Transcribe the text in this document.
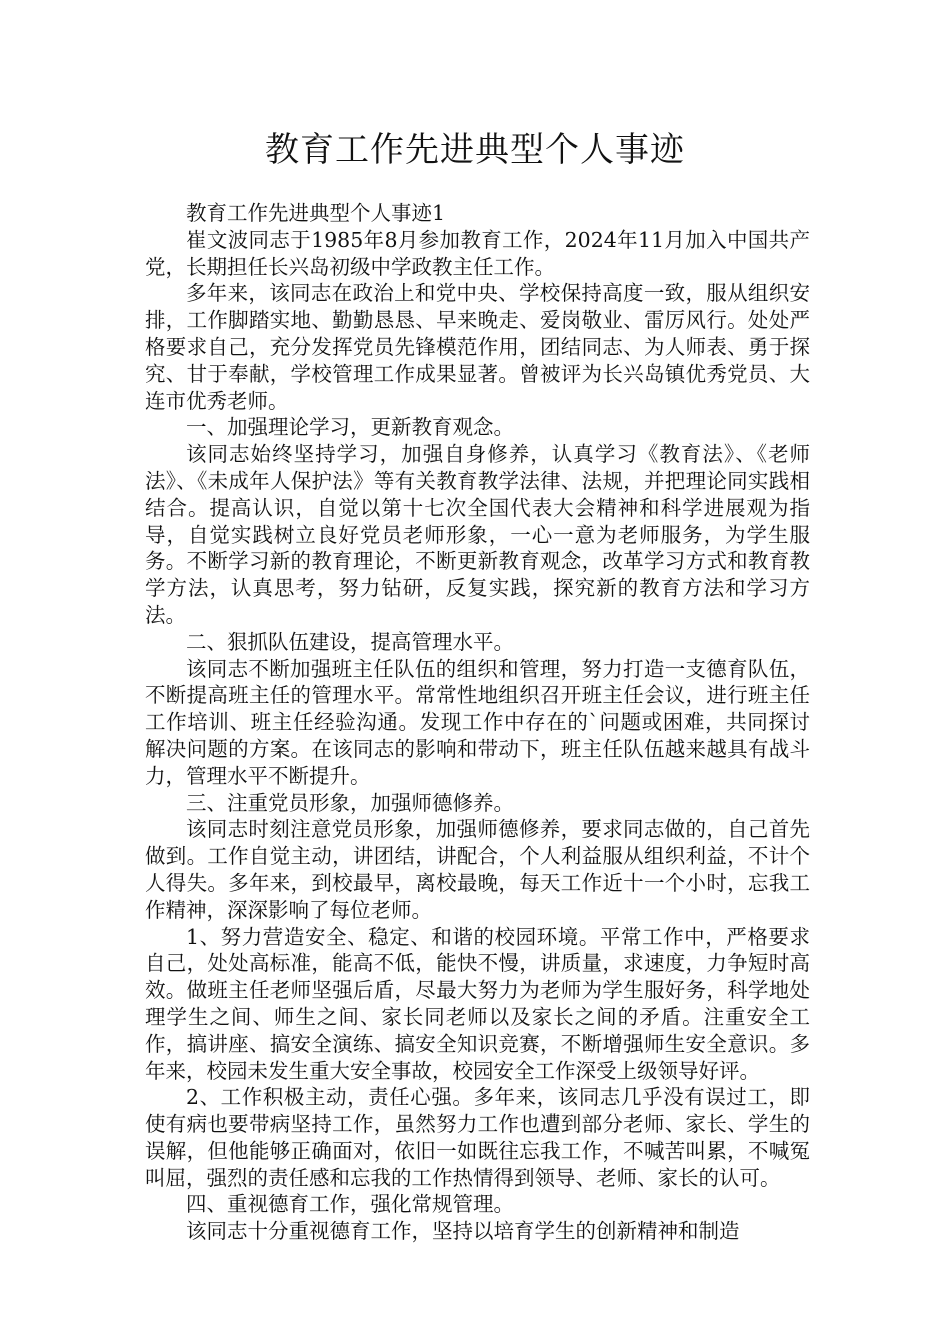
教育工作先进典型个人事迹

教育工作先进典型个人事迹1

崔文波同志于1985年8月参加教育工作，2024年11月加入中国共产党，长期担任长兴岛初级中学政教主任工作。

多年来，该同志在政治上和党中央、学校保持高度一致，服从组织安排，工作脚踏实地、勤勤恳恳、早来晚走、爱岗敬业、雷厉风行。处处严格要求自己，充分发挥党员先锋模范作用，团结同志、为人师表、勇于探究、甘于奉献，学校管理工作成果显著。曾被评为长兴岛镇优秀党员、大连市优秀老师。

一、加强理论学习，更新教育观念。

该同志始终坚持学习，加强自身修养，认真学习《教育法》、《老师法》、《未成年人保护法》等有关教育教学法律、法规，并把理论同实践相结合。提高认识，自觉以第十七次全国代表大会精神和科学进展观为指导，自觉实践树立良好党员老师形象，一心一意为老师服务，为学生服务。不断学习新的教育理论，不断更新教育观念，改革学习方式和教育教学方法，认真思考，努力钻研，反复实践，探究新的教育方法和学习方法。

二、狠抓队伍建设，提高管理水平。

该同志不断加强班主任队伍的组织和管理，努力打造一支德育队伍，不断提高班主任的管理水平。常常性地组织召开班主任会议，进行班主任工作培训、班主任经验沟通。发现工作中存在的`问题或困难，共同探讨解决问题的方案。在该同志的影响和带动下，班主任队伍越来越具有战斗力，管理水平不断提升。

三、注重党员形象，加强师德修养。

该同志时刻注意党员形象，加强师德修养，要求同志做的，自己首先做到。工作自觉主动，讲团结，讲配合，个人利益服从组织利益，不计个人得失。多年来，到校最早，离校最晚，每天工作近十一个小时，忘我工作精神，深深影响了每位老师。

1、努力营造安全、稳定、和谐的校园环境。平常工作中，严格要求自己，处处高标准，能高不低，能快不慢，讲质量，求速度，力争短时高效。做班主任老师坚强后盾，尽最大努力为老师为学生服好务，科学地处理学生之间、师生之间、家长同老师以及家长之间的矛盾。注重安全工作，搞讲座、搞安全演练、搞安全知识竞赛，不断增强师生安全意识。多年来，校园未发生重大安全事故，校园安全工作深受上级领导好评。

2、工作积极主动，责任心强。多年来，该同志几乎没有误过工，即使有病也要带病坚持工作，虽然努力工作也遭到部分老师、家长、学生的误解，但他能够正确面对，依旧一如既往忘我工作，不喊苦叫累，不喊冤叫屈，强烈的责任感和忘我的工作热情得到领导、老师、家长的认可。

四、重视德育工作，强化常规管理。

该同志十分重视德育工作，坚持以培育学生的创新精神和制造
